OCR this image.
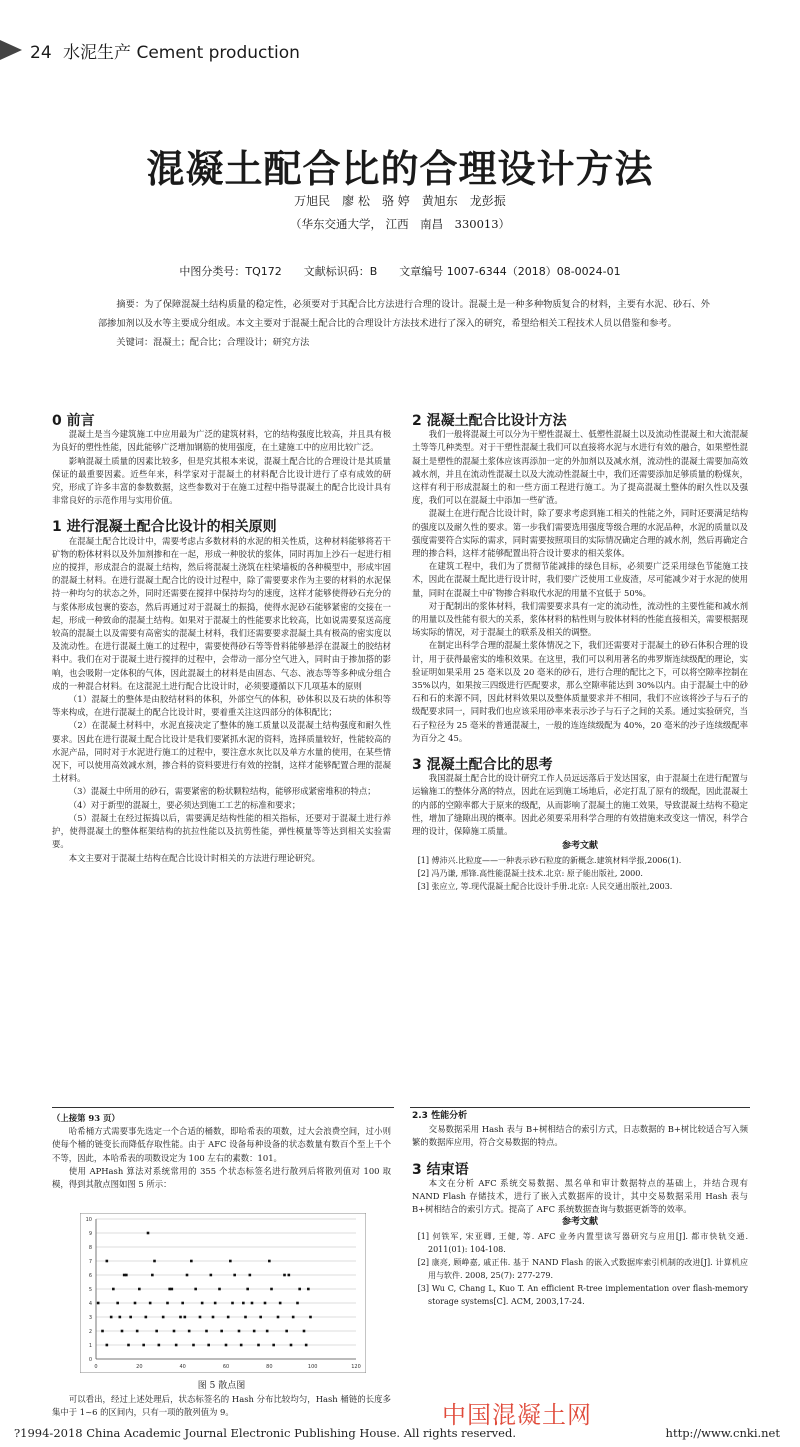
24 水泥生产 Cement production
混凝土配合比的合理设计方法
万旭民　廖 松　骆 婷　黄旭东　龙彭振
（华东交通大学， 江西　南昌　330013）
中图分类号：TQ172　　文献标识码：B　　文章编号 1007-6344（2018）08-0024-01

摘要：为了保障混凝土结构质量的稳定性，必须要对于其配合比方法进行合理的设计。混凝土是一种多种物质复合的材料，主要有水泥、砂石、外部掺加剂以及水等主要成分组成。本文主要对于混凝土配合比的合理设计方法技术进行了深入的研究，希望给相关工程技术人员以借鉴和参考。

关键词：混凝土；配合比；合理设计；研究方法

0 前言

混凝土是当今建筑施工中应用最为广泛的建筑材料，它的结构强度比较高，并且具有极为良好的塑性性能，因此能够广泛增加钢筋的使用强度，在土建施工中的应用比较广泛。

影响混凝土质量的因素比较多，但是究其根本来说，混凝土配合比的合理设计是其质量保证的最重要因素。近些年来，科学家对于混凝土的材料配合比设计进行了卓有成效的研究，形成了许多丰富的参数数据，这些参数对于在施工过程中指导混凝土的配合比设计具有非常良好的示范作用与实用价值。

1 进行混凝土配合比设计的相关原则

在混凝土配合比设计中，需要考虑占多数材料的水泥的相关性质，这种材料能够将若干矿物的粉体材料以及外加剂掺和在一起，形成一种胶状的浆体，同时再加上沙石一起进行相应的搅拌，形成混合的混凝土结构，然后将混凝土浇筑在柱梁墙板的各种模型中，形成牢固的混凝土材料。在进行混凝土配合比的设计过程中，除了需要要求作为主要的材料的水泥保持一种均匀的状态之外，同时还需要在搅拌中保持均匀的速度，这样才能够使得砂石充分的与浆体形成包裹的姿态，然后再通过对于混凝土的振捣，使得水泥砂石能够紧密的交接在一起，形成一种致命的混凝土结构。如果对于混凝土的性能要求比较高，比如说需要泵送高度较高的混凝土以及需要有高密实的混凝土材料，我们还需要要求混凝土具有极高的密实度以及流动性。在进行混凝土施工的过程中，需要使得砂石等等骨料能够悬浮在混凝土的胶结材料中。我们在对于混凝土进行搅拌的过程中，会带动一部分空气进入，同时由于掺加搭的影响，也会吸附一定体积的气体，因此混凝土的材料是由固态、气态、液态等等多种成分组合成的一种混合材料。在这混泥土进行配合比设计时，必须要遵循以下几项基本的原则

（1）混凝土的整体是由胶结材料的体积，外部空气的体积，砂体积以及石块的体积等等来构成，在进行混凝土的配合比设计时，要着重关注这四部分的体积配比；

（2）在混凝土材料中，水泥直接决定了整体的施工质量以及混凝土结构强度和耐久性要求。因此在进行混凝土配合比设计是我们要紧抓水泥的资料，选择质量较好，性能较高的水泥产品，同时对于水泥进行施工的过程中，要注意水灰比以及单方水量的使用，在某些情况下，可以使用高效减水剂，掺合料的资料要进行有效的控制，这样才能够配置合理的混凝土材料。

（3）混凝土中所用的砂石，需要紧密的粉状颗粒结构，能够形成紧密堆积的特点；

（4）对于新型的混凝土，要必须达到施工工艺的标准和要求；

（5）混凝土在经过振捣以后，需要满足结构性能的相关指标，还要对于混凝土进行养护，使得混凝土的整体框架结构的抗拉性能以及抗剪性能，弹性模量等等达到相关实验需要。

本文主要对于混凝土结构在配合比设计时相关的方法进行理论研究。

2 混凝土配合比设计方法

我们一般将混凝土可以分为干塑性混凝土、低塑性混凝土以及流动性混凝土和大流混凝土等等几种类型。对于干塑性混凝土我们可以直接将水泥与水进行有效的融合，如果塑性混凝土是塑性的混凝土浆体应该再添加一定的外加剂以及减水剂，流动性的混凝土需要加高效减水剂，并且在流动性混凝土以及大流动性混凝土中，我们还需要添加足够质量的粉煤灰，这样有利于形成混凝土的和一些方面工程进行施工。为了提高混凝土整体的耐久性以及强度，我们可以在混凝土中添加一些矿渣。

混凝土在进行配合比设计时，除了要求考虑到施工相关的性能之外，同时还要满足结构的强度以及耐久性的要求。第一步我们需要选用强度等级合理的水泥品种，水泥的质量以及强度需要符合实际的需求，同时需要按照项目的实际情况确定合理的减水剂，然后再确定合理的掺合料，这样才能够配置出符合设计要求的相关浆体。

在建筑工程中，我们为了贯彻节能减排的绿色目标，必须要广泛采用绿色节能施工技术，因此在混凝土配比进行设计时，我们要广泛使用工业废渣，尽可能减少对于水泥的使用量，同时在混凝土中矿物掺合料取代水泥的用量不宜低于 50%。

对于配制出的浆体材料，我们需要要求具有一定的流动性，流动性的主要性能和减水剂的用量以及性能有很大的关系，浆体材料的粘性则与胶体材料的性能直接相关，需要根据现场实际的情况，对于混凝土的联系及相关的调整。

在制定出科学合理的混凝土浆体情况之下，我们还需要对于混凝土的砂石体积合理的设计，用于获得最密实的堆积效果。在这里，我们可以利用著名的弗罗斯连续级配的理论，实验证明如果采用 25 毫米以及 20 毫米的砂石，进行合理的配比之下，可以将空隙率控制在 35%以内，如果按三四级进行匹配要求，那么空隙率能达到 30%以内。由于混凝土中的砂石和石的来源不同，因此材料效果以及整体质量要求并不相同，我们不应该将沙子与石子的级配要求同一，同时我们也应该采用砂率来表示沙子与石子之间的关系。通过实验研究，当石子粒径为 25 毫米的普通混凝土，一般的连连续级配为 40%，20 毫米的沙子连续级配率为百分之 45。

3 混凝土配合比的思考

我国混凝土配合比的设计研究工作人员远远落后于发达国家，由于混凝土在进行配置与运输施工的整体分离的特点，因此在运到施工场地后，必定打乱了原有的级配，因此混凝土的内部的空隙率都大于原来的级配，从而影响了混凝土的施工效果，导致混凝土结构不稳定性，增加了缝隙出现的概率。因此必须要采用科学合理的有效措施来改变这一情况，科学合理的设计，保障施工质量。

参考文献
[1] 傅沛兴.比粒度——一种表示砂石粒度的新概念.建筑材料学报,2006(1).
[2] 冯乃谦, 邢锋.高性能混凝土技术.北京: 原子能出版社, 2000.
[3] 张应立, 等.现代混凝土配合比设计手册.北京: 人民交通出版社,2003.
（上接第 93 页）

哈希桶方式需要事先选定一个合适的桶数，即哈希表的项数，过大会浪费空间，过小则使每个桶的链变长而降低存取性能。由于 AFC 设备每种设备的状态数量有数百个至上千个不等，因此，本哈希表的项数设定为 100 左右的素数：101。

使用 APHash 算法对系统常用的 355 个状态标签名进行散列后将散列值对 100 取模，得到其散点图如图 5 所示：

0
1
2
3
4
5
6
7
8
9
10
0	20	40	60	80	100	120
图 5 散点图

可以看出，经过上述处理后，状态标签名的 Hash 分布比较均匀，Hash 桶链的长度多集中于 1~6 的区间内，只有一项的散列值为 9。

2.3 性能分析

交易数据采用 Hash 表与 B+树相结合的索引方式，日志数据的 B+树比较适合写入频繁的数据库应用，符合交易数据的特点。

3 结束语

本文在分析 AFC 系统交易数据、黑名单和审计数据特点的基础上，并结合现有 NAND Flash 存储技术，进行了嵌入式数据库的设计，其中交易数据采用 Hash 表与 B+树相结合的索引方式。提高了 AFC 系统数据查询与数据更新等的效率。

参考文献
[1] 何铁军, 宋亚卿, 王健, 等. AFC 业务内置型读写器研究与应用[J]. 都市快轨交通. 2011(01): 104-108.
[2] 康亮, 顾峥嘉, 戚正伟. 基于 NAND Flash 的嵌入式数据库索引机制的改进[J]. 计算机应用与软件. 2008, 25(7): 277-279.
[3] Wu C, Chang L, Kuo T. An efficient R-tree implementation over flash-memory storage systems[C]. ACM, 2003,17-24.
中国混凝土网
?1994-2018 China Academic Journal Electronic Publishing House. All rights reserved.	http://www.cnki.net
